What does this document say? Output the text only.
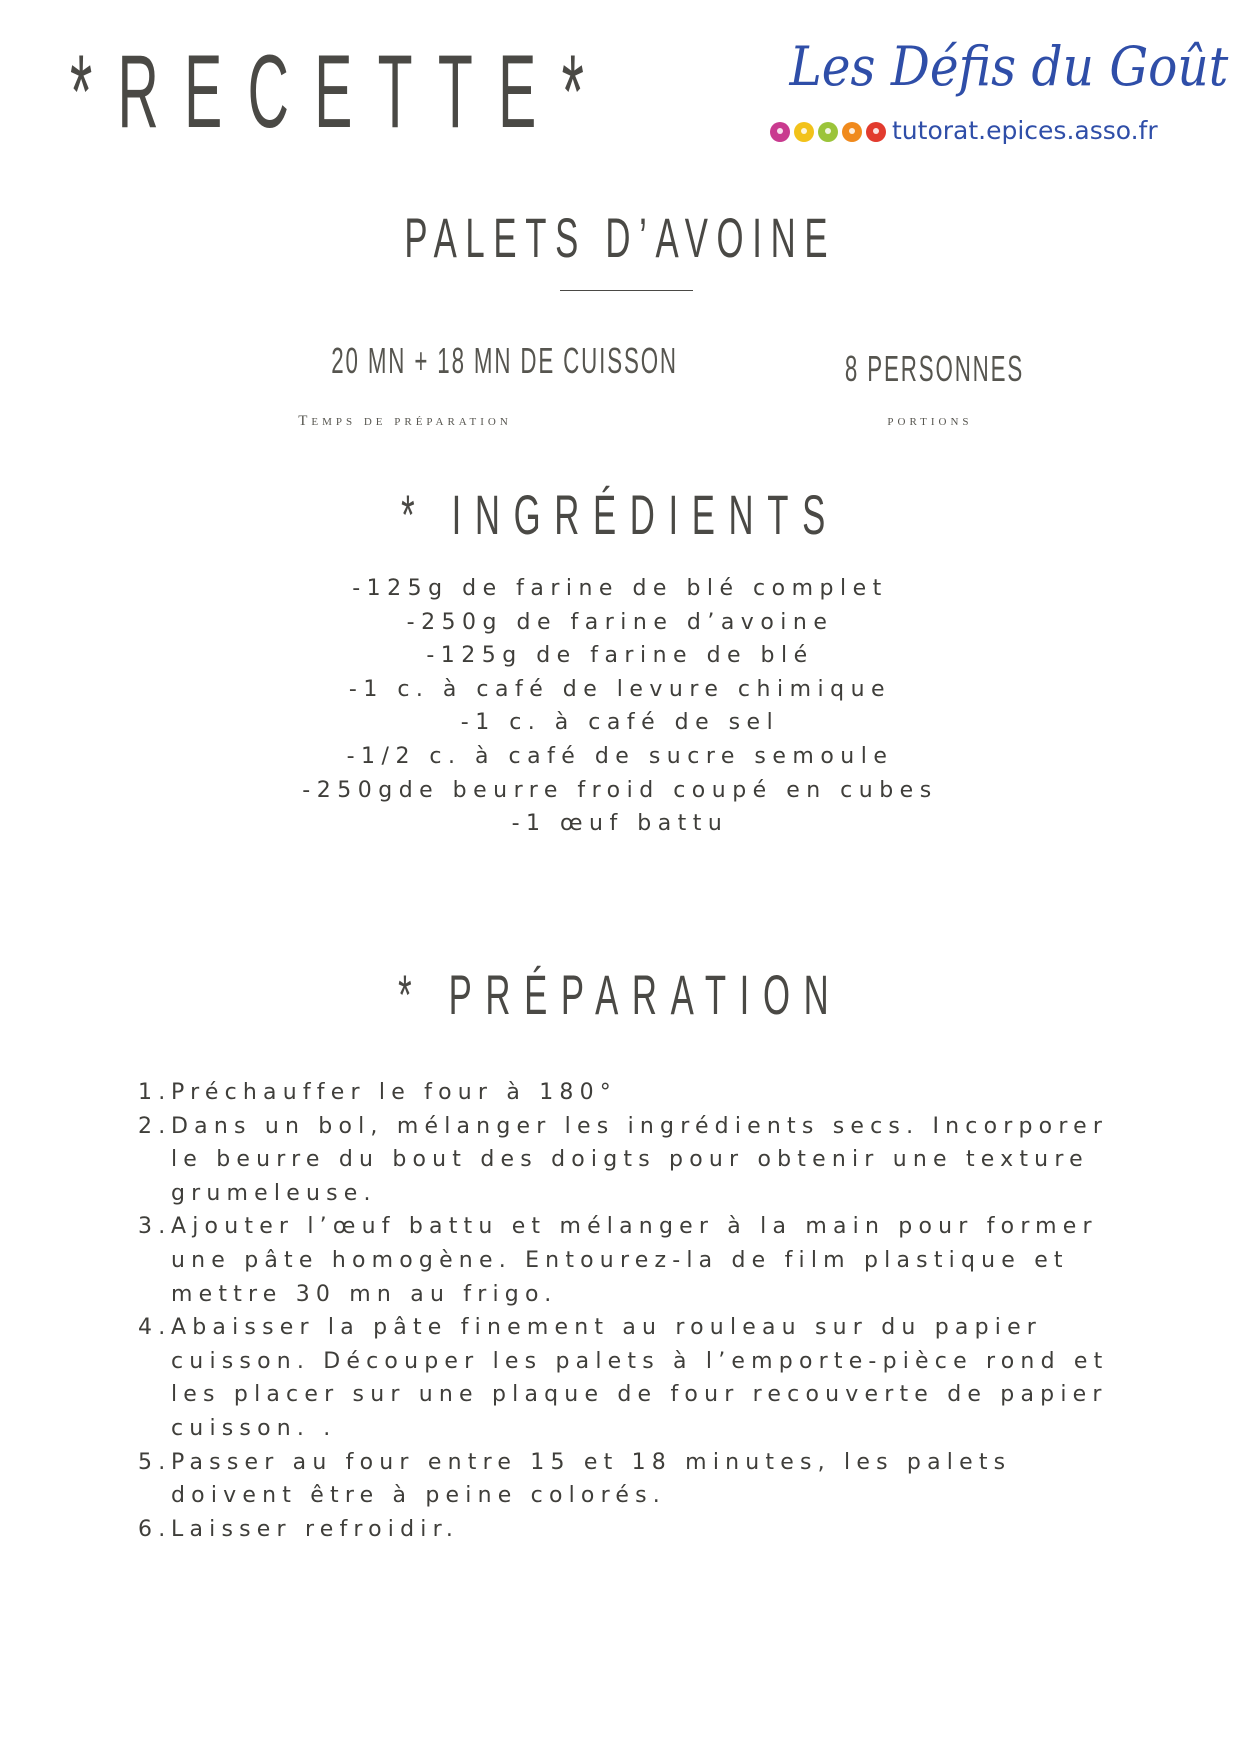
*RECETTE*	Les Défis du Goût
tutorat.epices.asso.fr
PALETS D’AVOINE
20 MN + 18 MN DE CUISSON
Temps de préparation
8 PERSONNES
portions
* INGRÉDIENTS
-125g de farine de blé complet
-250g de farine d’avoine
-125g de farine de blé
-1 c. à café de levure chimique
-1 c. à café de sel
-1/2 c. à café de sucre semoule
-250gde beurre froid coupé en cubes
-1 œuf battu
* PRÉPARATION
1. Préchauffer le four à 180°
2. Dans un bol, mélanger les ingrédients secs. Incorporer le beurre du bout des doigts pour obtenir une texture grumeleuse.
3. Ajouter l’œuf battu et mélanger à la main pour former une pâte homogène. Entourez-la de film plastique et mettre 30 mn au frigo.
4. Abaisser la pâte finement au rouleau sur du papier cuisson. Découper les palets à l’emporte-pièce rond et les placer sur une plaque de four recouverte de papier cuisson. .
5. Passer au four entre 15 et 18 minutes, les palets doivent être à peine colorés.
6. Laisser refroidir.
